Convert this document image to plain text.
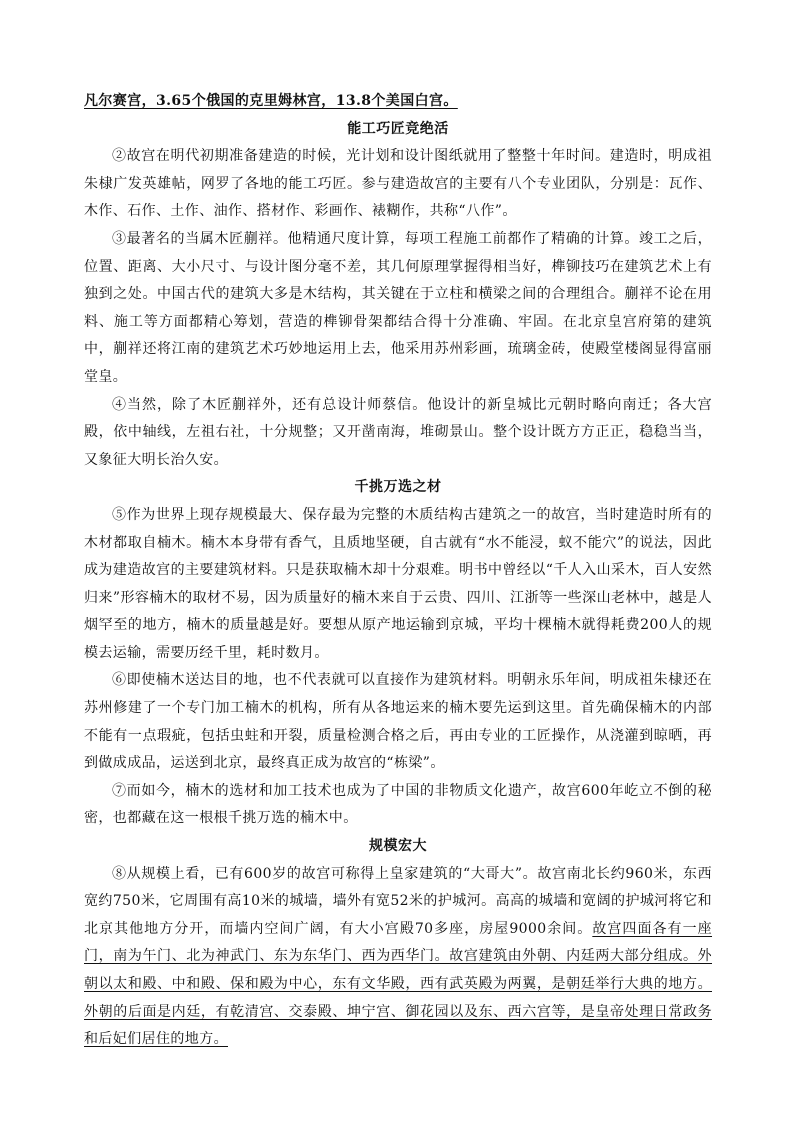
凡尔赛宫，3.65个俄国的克里姆林宫，13.8个美国白宫。

能工巧匠竞绝活

②故宫在明代初期准备建造的时候，光计划和设计图纸就用了整整十年时间。建造时，明成祖朱棣广发英雄帖，网罗了各地的能工巧匠。参与建造故宫的主要有八个专业团队，分别是：瓦作、木作、石作、土作、油作、搭材作、彩画作、裱糊作，共称“八作”。

③最著名的当属木匠蒯祥。他精通尺度计算，每项工程施工前都作了精确的计算。竣工之后，位置、距离、大小尺寸、与设计图分毫不差，其几何原理掌握得相当好，榫铆技巧在建筑艺术上有独到之处。中国古代的建筑大多是木结构，其关键在于立柱和横梁之间的合理组合。蒯祥不论在用料、施工等方面都精心筹划，营造的榫铆骨架都结合得十分准确、牢固。在北京皇宫府第的建筑中，蒯祥还将江南的建筑艺术巧妙地运用上去，他采用苏州彩画，琉璃金砖，使殿堂楼阁显得富丽堂皇。

④当然，除了木匠蒯祥外，还有总设计师蔡信。他设计的新皇城比元朝时略向南迁；各大宫殿，依中轴线，左祖右社，十分规整；又开凿南海，堆砌景山。整个设计既方方正正，稳稳当当，又象征大明长治久安。

千挑万选之材

⑤作为世界上现存规模最大、保存最为完整的木质结构古建筑之一的故宫，当时建造时所有的木材都取自楠木。楠木本身带有香气，且质地坚硬，自古就有“水不能浸，蚁不能穴”的说法，因此成为建造故宫的主要建筑材料。只是获取楠木却十分艰难。明书中曾经以“千人入山采木，百人安然归来”形容楠木的取材不易，因为质量好的楠木来自于云贵、四川、江浙等一些深山老林中，越是人烟罕至的地方，楠木的质量越是好。要想从原产地运输到京城，平均十棵楠木就得耗费200人的规模去运输，需要历经千里，耗时数月。

⑥即使楠木送达目的地，也不代表就可以直接作为建筑材料。明朝永乐年间，明成祖朱棣还在苏州修建了一个专门加工楠木的机构，所有从各地运来的楠木要先运到这里。首先确保楠木的内部不能有一点瑕疵，包括虫蛀和开裂，质量检测合格之后，再由专业的工匠操作，从浇灌到晾晒，再到做成成品，运送到北京，最终真正成为故宫的“栋梁”。

⑦而如今，楠木的选材和加工技术也成为了中国的非物质文化遗产，故宫600年屹立不倒的秘密，也都藏在这一根根千挑万选的楠木中。

规模宏大

⑧从规模上看，已有600岁的故宫可称得上皇家建筑的“大哥大”。故宫南北长约960米，东西宽约750米，它周围有高10米的城墙，墙外有宽52米的护城河。高高的城墙和宽阔的护城河将它和北京其他地方分开，而墙内空间广阔，有大小宫殿70多座，房屋9000余间。故宫四面各有一座门，南为午门、北为神武门、东为东华门、西为西华门。故宫建筑由外朝、内廷两大部分组成。外朝以太和殿、中和殿、保和殿为中心，东有文华殿，西有武英殿为两翼，是朝廷举行大典的地方。外朝的后面是内廷，有乾清宫、交泰殿、坤宁宫、御花园以及东、西六宫等，是皇帝处理日常政务和后妃们居住的地方。
